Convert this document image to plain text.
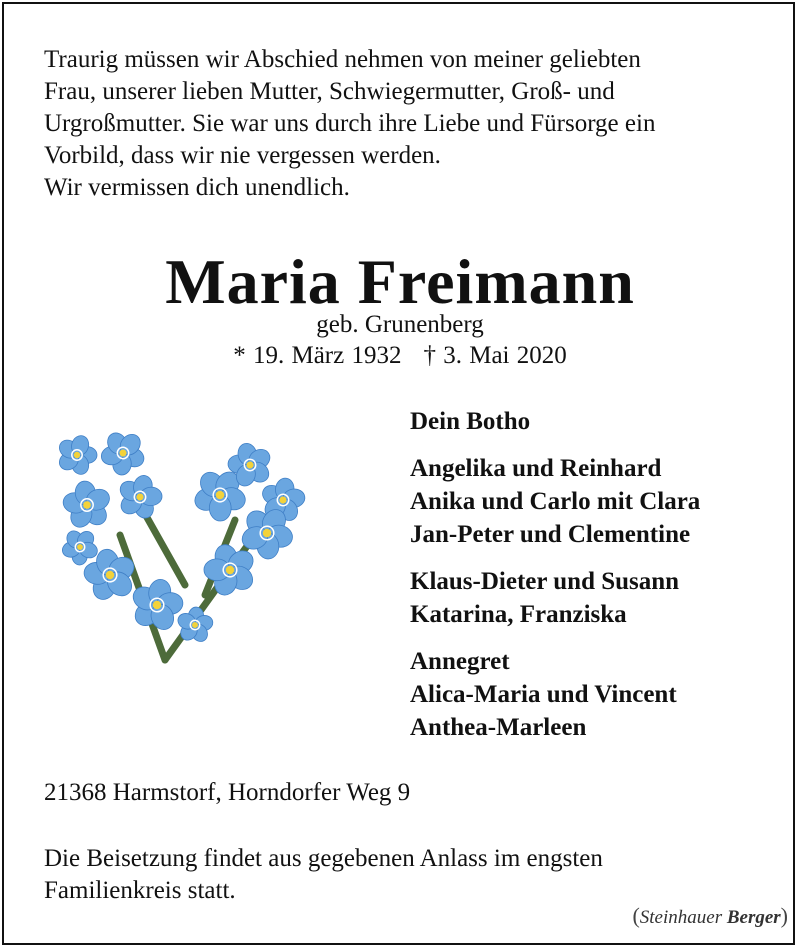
Traurig müssen wir Abschied nehmen von meiner geliebten
Frau, unserer lieben Mutter, Schwiegermutter, Groß- und
Urgroßmutter. Sie war uns durch ihre Liebe und Fürsorge ein
Vorbild, dass wir nie vergessen werden.
Wir vermissen dich unendlich.
Maria Freimann
geb. Grunenberg
* 19. März 1932 † 3. Mai 2020
Dein Botho
Angelika und Reinhard
Anika und Carlo mit Clara
Jan-Peter und Clementine
Klaus-Dieter und Susann
Katarina, Franziska
Annegret
Alica-Maria und Vincent
Anthea-Marleen
21368 Harmstorf, Horndorfer Weg 9
Die Beisetzung findet aus gegebenen Anlass im engsten
Familienkreis statt.
(Steinhauer Berger)
